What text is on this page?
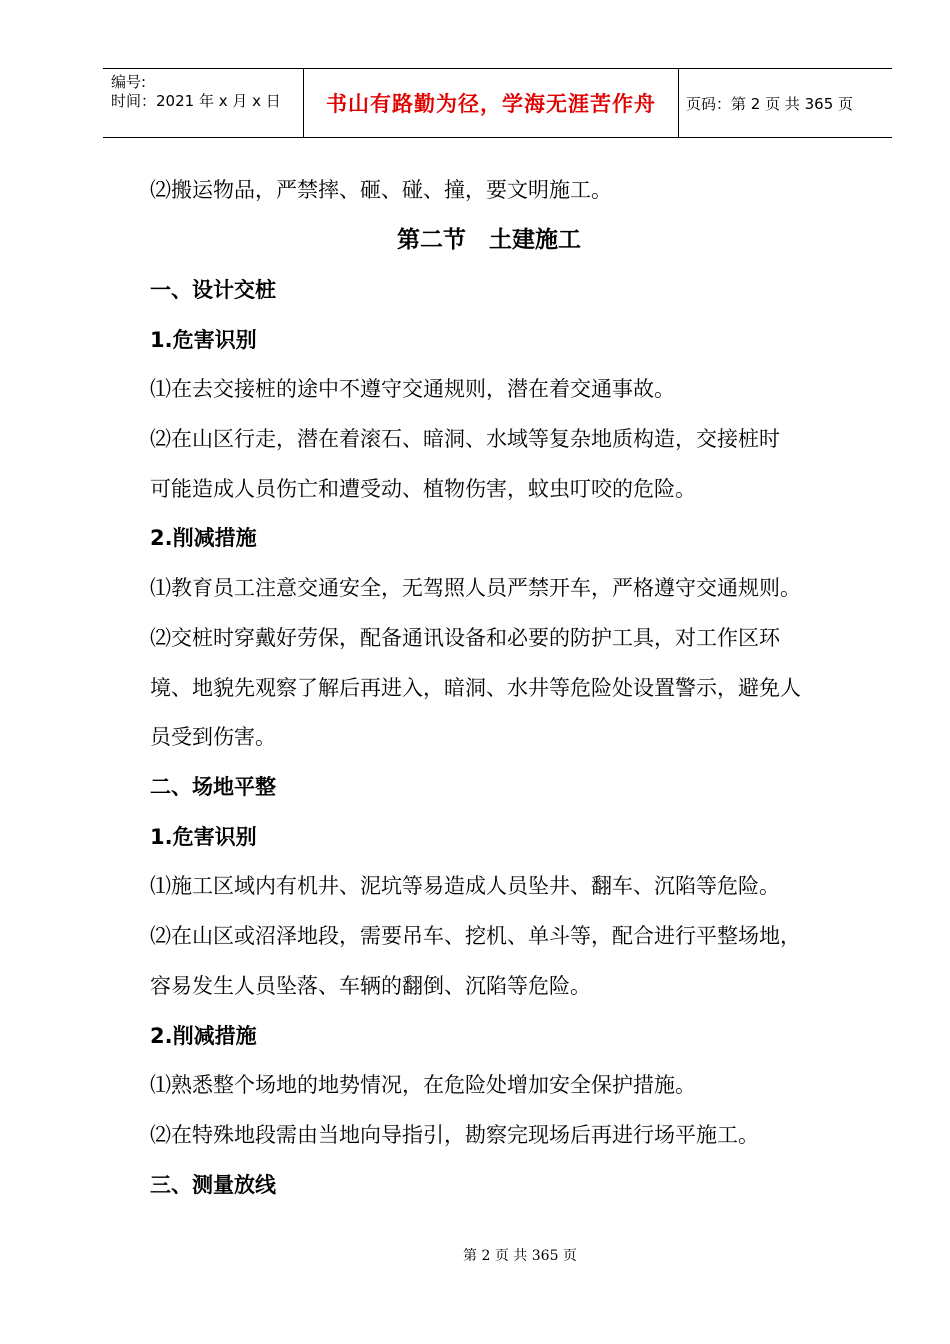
编号:
时间：2021 年 x 月 x 日 书山有路勤为径，学海无涯苦作舟 页码：第 2 页 共 365 页
⑵搬运物品，严禁摔、砸、碰、撞，要文明施工。
第二节　土建施工
一、设计交桩
1.危害识别
⑴在去交接桩的途中不遵守交通规则，潜在着交通事故。
⑵在山区行走，潜在着滚石、暗洞、水域等复杂地质构造，交接桩时
可能造成人员伤亡和遭受动、植物伤害，蚊虫叮咬的危险。
2.削减措施
⑴教育员工注意交通安全，无驾照人员严禁开车，严格遵守交通规则。
⑵交桩时穿戴好劳保，配备通讯设备和必要的防护工具，对工作区环
境、地貌先观察了解后再进入，暗洞、水井等危险处设置警示，避免人
员受到伤害。
二、场地平整
1.危害识别
⑴施工区域内有机井、泥坑等易造成人员坠井、翻车、沉陷等危险。
⑵在山区或沼泽地段，需要吊车、挖机、单斗等，配合进行平整场地，
容易发生人员坠落、车辆的翻倒、沉陷等危险。
2.削减措施
⑴熟悉整个场地的地势情况，在危险处增加安全保护措施。
⑵在特殊地段需由当地向导指引，勘察完现场后再进行场平施工。
三、测量放线
第 2 页 共 365 页
